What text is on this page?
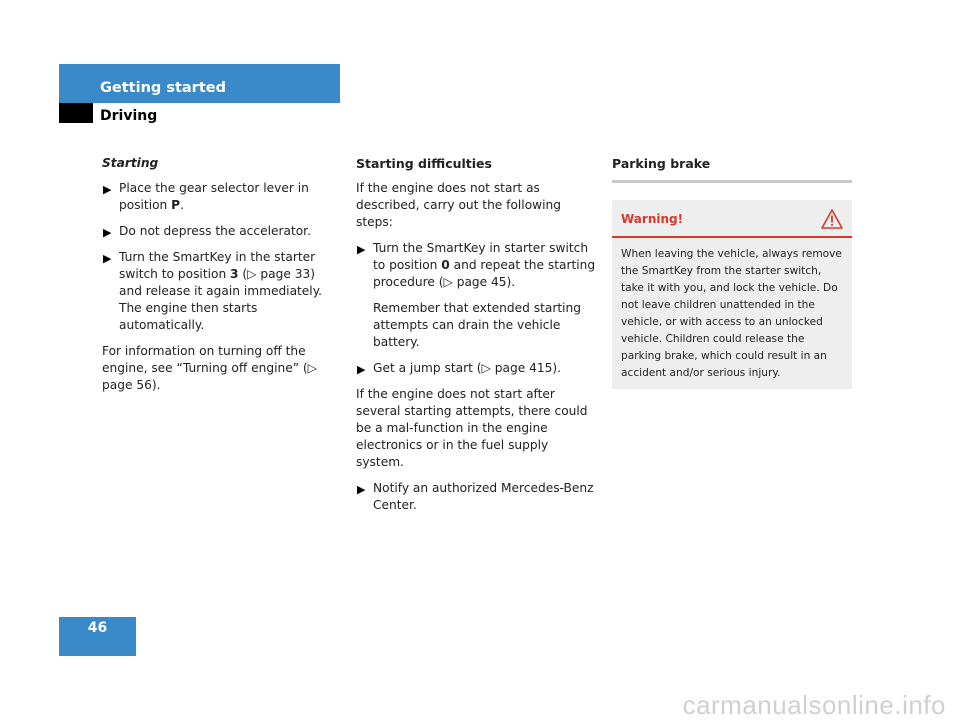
Getting started
Driving
Starting
▶ Place the gear selector lever in position P.
▶ Do not depress the accelerator.
▶ Turn the SmartKey in the starter switch to position 3 (▷ page 33) and release it again immediately. The engine then starts automatically.

For information on turning off the engine, see “Turning off engine” (▷ page 56).

Starting difficulties

If the engine does not start as described, carry out the following steps:

▶ Turn the SmartKey in starter switch to position 0 and repeat the starting procedure (▷ page 45).

Remember that extended starting attempts can drain the vehicle battery.

▶ Get a jump start (▷ page 415).

If the engine does not start after several starting attempts, there could be a mal-function in the engine electronics or in the fuel supply system.

▶ Notify an authorized Mercedes-Benz Center.
Parking brake
Warning!
When leaving the vehicle, always remove the SmartKey from the starter switch, take it with you, and lock the vehicle. Do not leave children unattended in the vehicle, or with access to an unlocked vehicle. Children could release the parking brake, which could result in an accident and/or serious injury.
46
carmanualsonline.info
